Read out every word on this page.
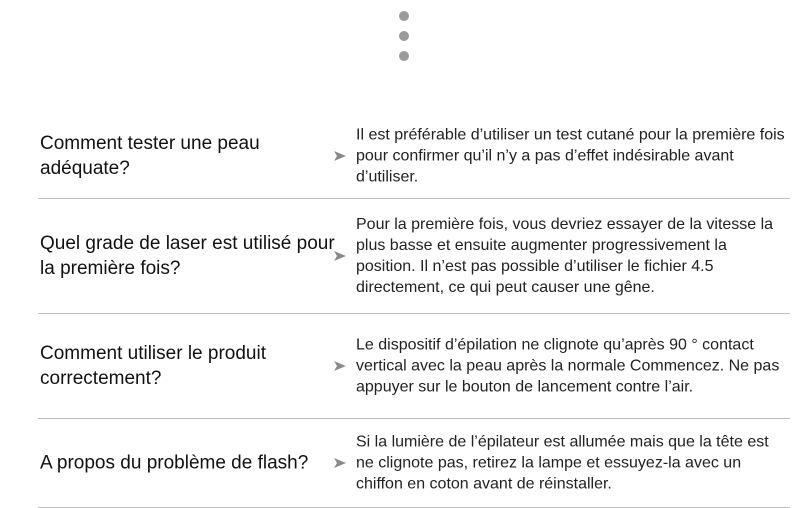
Comment tester une peau adéquate?
Il est préférable d’utiliser un test cutané pour la première fois pour confirmer qu’il n’y a pas d’effet indésirable avant d’utiliser.
Quel grade de laser est utilisé pour la première fois?
Pour la première fois, vous devriez essayer de la vitesse la plus basse et ensuite augmenter progressivement la position. Il n’est pas possible d’utiliser le fichier 4.5 directement, ce qui peut causer une gêne.
Comment utiliser le produit correctement?
Le dispositif d’épilation ne clignote qu’après 90 ° contact vertical avec la peau après la normale Commencez. Ne pas appuyer sur le bouton de lancement contre l’air.
A propos du problème de flash?
Si la lumière de l’épilateur est allumée mais que la tête est ne clignote pas, retirez la lampe et essuyez-la avec un chiffon en coton avant de réinstaller.
